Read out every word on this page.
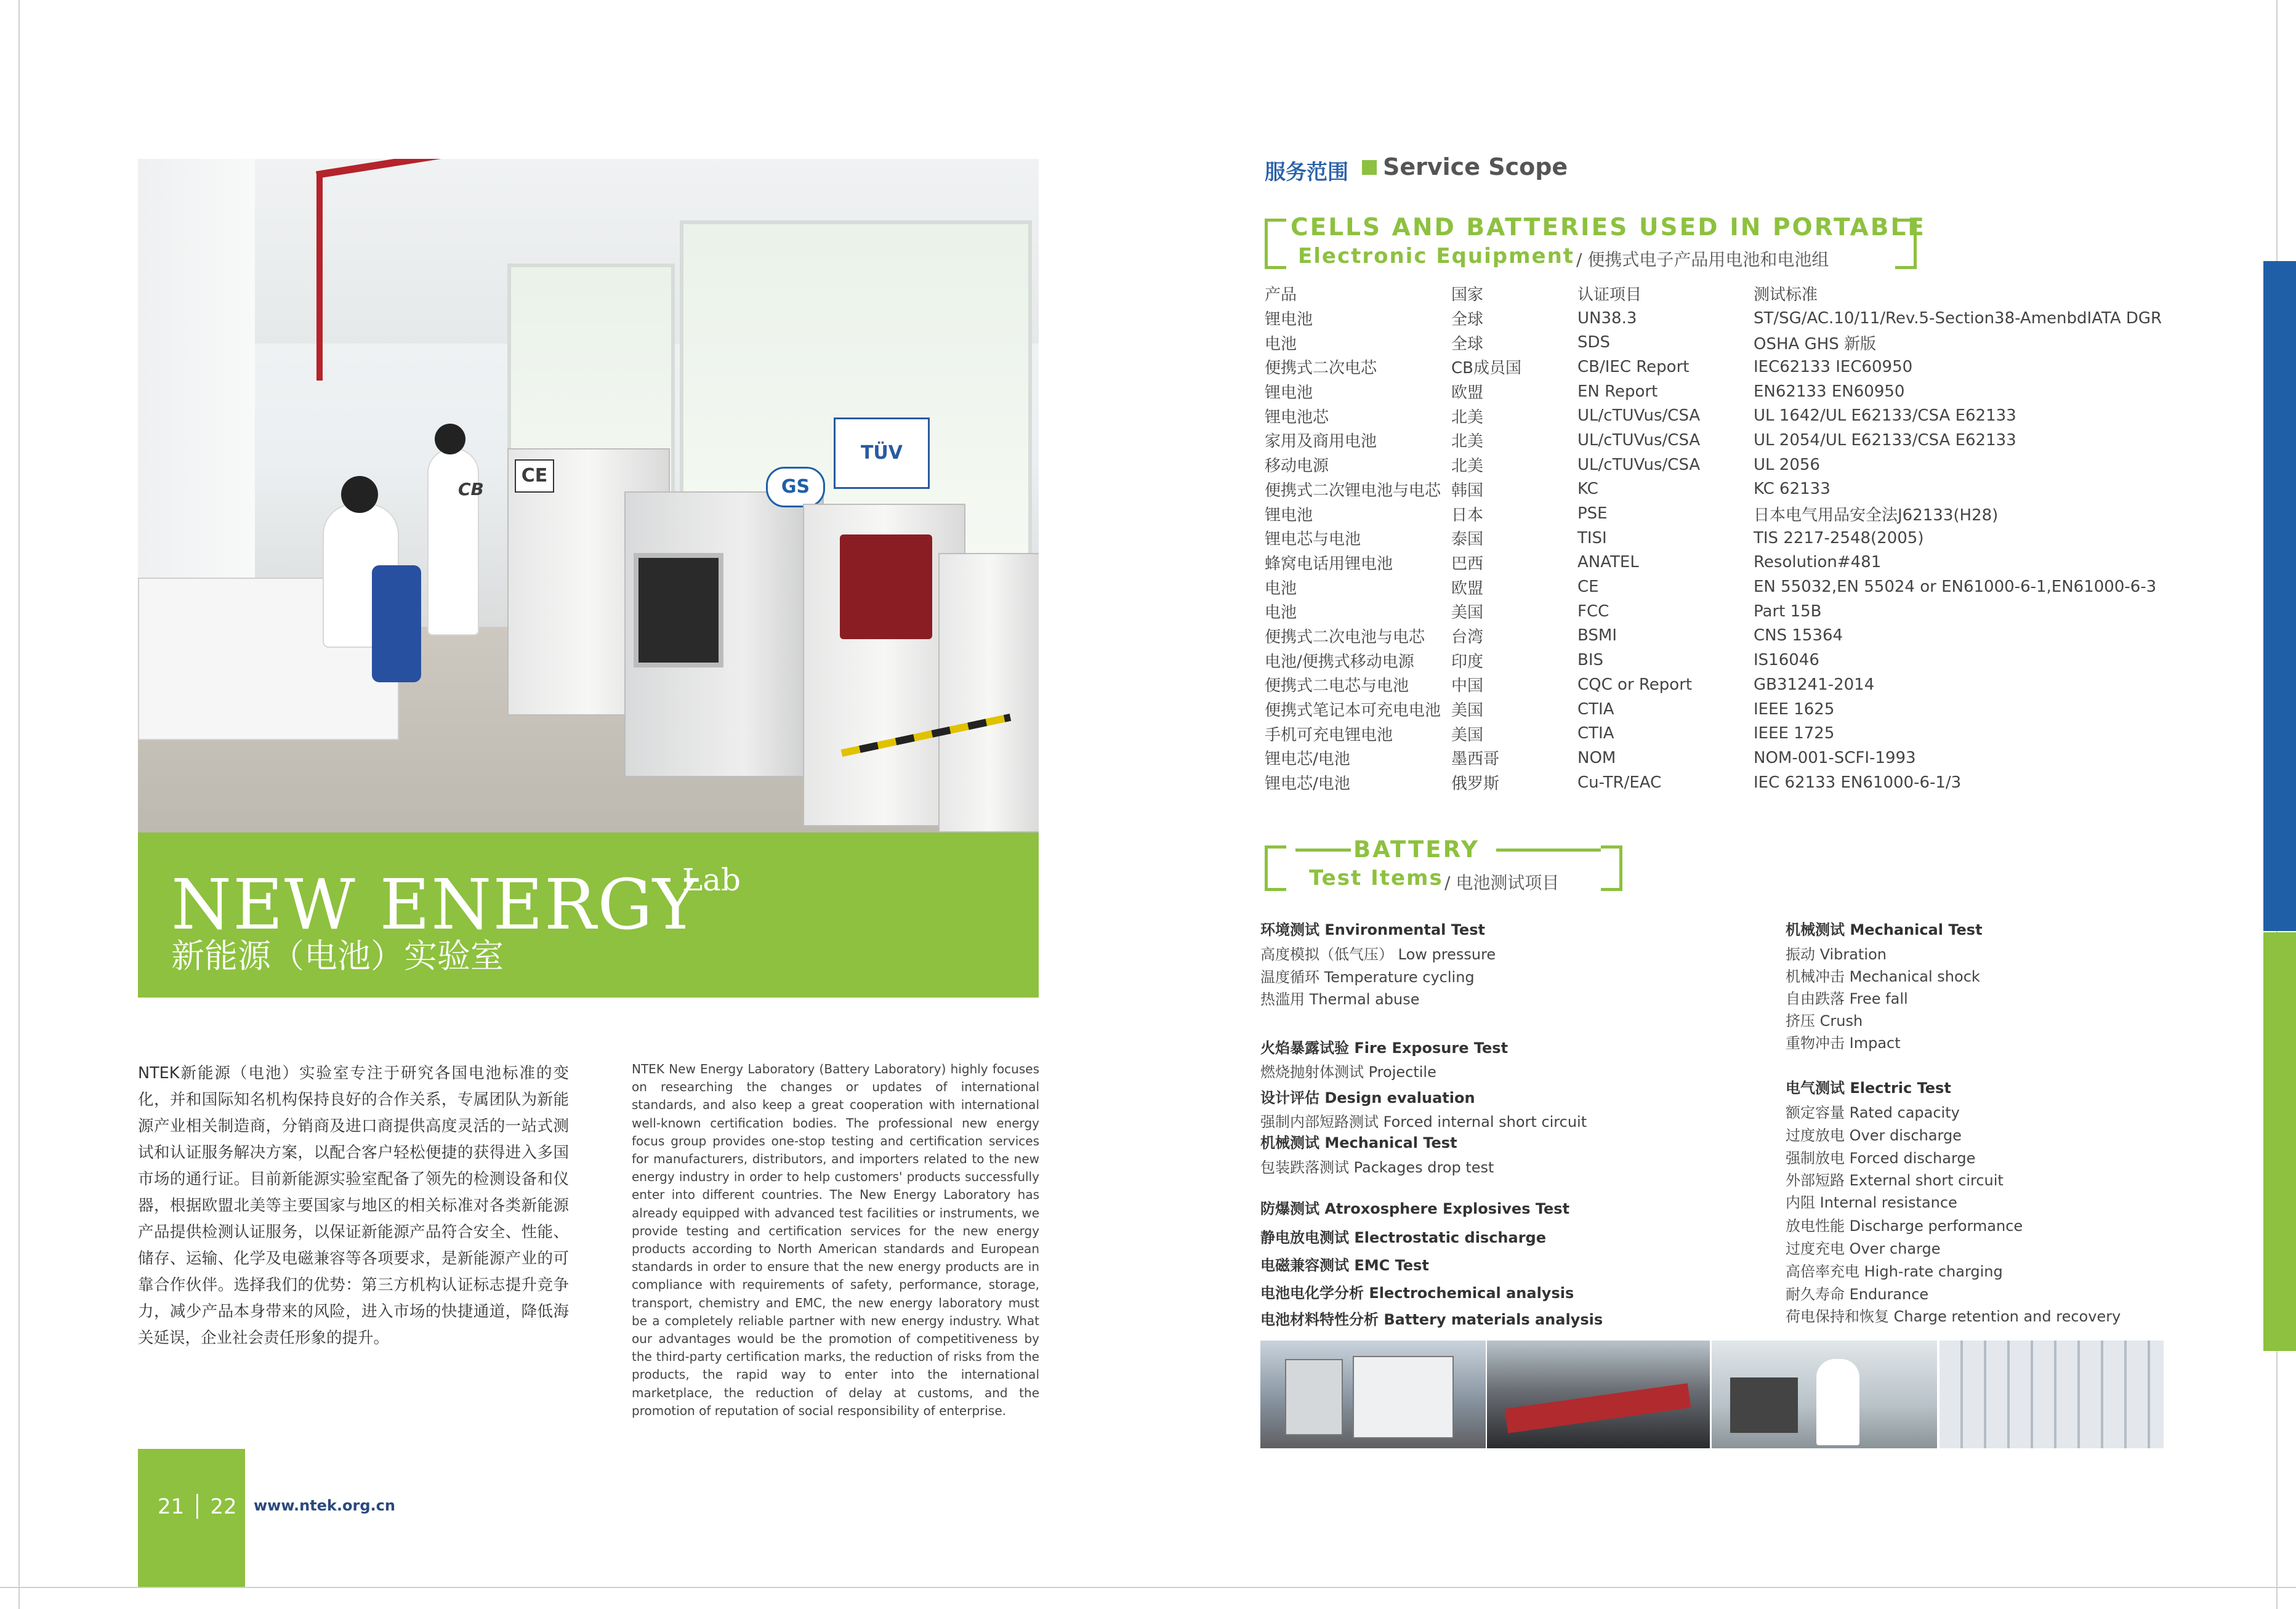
CE
CB	GS
TÜV
NEW ENERGY
Lab
新能源（电池）实验室
NTEK新能源（电池）实验室专注于研究各国电池标准的变化，并和国际知名机构保持良好的合作关系，专属团队为新能源产业相关制造商，分销商及进口商提供高度灵活的一站式测试和认证服务解决方案，以配合客户轻松便捷的获得进入多国市场的通行证。目前新能源实验室配备了领先的检测设备和仪器，根据欧盟北美等主要国家与地区的相关标准对各类新能源产品提供检测认证服务，以保证新能源产品符合安全、性能、储存、运输、化学及电磁兼容等各项要求，是新能源产业的可靠合作伙伴。选择我们的优势：第三方机构认证标志提升竞争力，减少产品本身带来的风险，进入市场的快捷通道，降低海关延误，企业社会责任形象的提升。
NTEK New Energy Laboratory (Battery Laboratory) highly focuses on researching the changes or updates of international standards, and also keep a great cooperation with international well-known certification bodies. The professional new energy focus group provides one-stop testing and certification services for manufacturers, distributors, and importers related to the new energy industry in order to help customers' products successfully enter into different countries. The New Energy Laboratory has already equipped with advanced test facilities or instruments, we provide testing and certification services for the new energy products according to North American standards and European standards in order to ensure that the new energy products are in compliance with requirements of safety, performance, storage, transport, chemistry and EMC, the new energy laboratory must be a completely reliable partner with new energy industry. What our advantages would be the promotion of competitiveness by the third-party certification marks, the reduction of risks from the products, the rapid way to enter into the international marketplace, the reduction of delay at customs, and the promotion of reputation of social responsibility of enterprise.
21 │ 22 www.ntek.org.cn
服务范围 Service Scope
CELLS AND BATTERIES USED IN PORTABLE
Electronic Equipment / 便携式电子产品用电池和电池组
产品	国家	认证项目	测试标准
锂电池	全球	UN38.3	ST/SG/AC.10/11/Rev.5-Section38-AmenbdIATA DGR
电池	全球	SDS	OSHA GHS 新版
便携式二次电芯	CB成员国	CB/IEC Report	IEC62133 IEC60950
锂电池	欧盟	EN Report	EN62133 EN60950
锂电池芯	北美	UL/cTUVus/CSA	UL 1642/UL E62133/CSA E62133
家用及商用电池	北美	UL/cTUVus/CSA	UL 2054/UL E62133/CSA E62133
移动电源	北美	UL/cTUVus/CSA	UL 2056
便携式二次锂电池与电芯	韩国	KC	KC 62133
锂电池	日本	PSE	日本电气用品安全法J62133(H28)
锂电芯与电池	泰国	TISI	TIS 2217-2548(2005)
蜂窝电话用锂电池	巴西	ANATEL	Resolution#481
电池	欧盟	CE	EN 55032,EN 55024 or EN61000-6-1,EN61000-6-3
电池	美国	FCC	Part 15B
便携式二次电池与电芯	台湾	BSMI	CNS 15364
电池/便携式移动电源	印度	BIS	IS16046
便携式二电芯与电池	中国	CQC or Report	GB31241-2014
便携式笔记本可充电电池	美国	CTIA	IEEE 1625
手机可充电锂电池	美国	CTIA	IEEE 1725
锂电芯/电池	墨西哥	NOM	NOM-001-SCFI-1993
锂电芯/电池	俄罗斯	Cu-TR/EAC	IEC 62133 EN61000-6-1/3
BATTERY
Test Items / 电池测试项目
环境测试 Environmental Test
高度模拟（低气压） Low pressure
温度循环 Temperature cycling
热滥用 Thermal abuse
火焰暴露试验 Fire Exposure Test
燃烧抛射体测试 Projectile
设计评估 Design evaluation
强制内部短路测试 Forced internal short circuit
机械测试 Mechanical Test
包装跌落测试 Packages drop test
防爆测试 Atroxosphere Explosives Test
静电放电测试 Electrostatic discharge
电磁兼容测试 EMC Test
电池电化学分析 Electrochemical analysis
电池材料特性分析 Battery materials analysis
机械测试 Mechanical Test
振动 Vibration
机械冲击 Mechanical shock
自由跌落 Free fall
挤压 Crush
重物冲击 Impact
电气测试 Electric Test
额定容量 Rated capacity
过度放电 Over discharge
强制放电 Forced discharge
外部短路 External short circuit
内阻 Internal resistance
放电性能 Discharge performance
过度充电 Over charge
高倍率充电 High-rate charging
耐久寿命 Endurance
荷电保持和恢复 Charge retention and recovery
